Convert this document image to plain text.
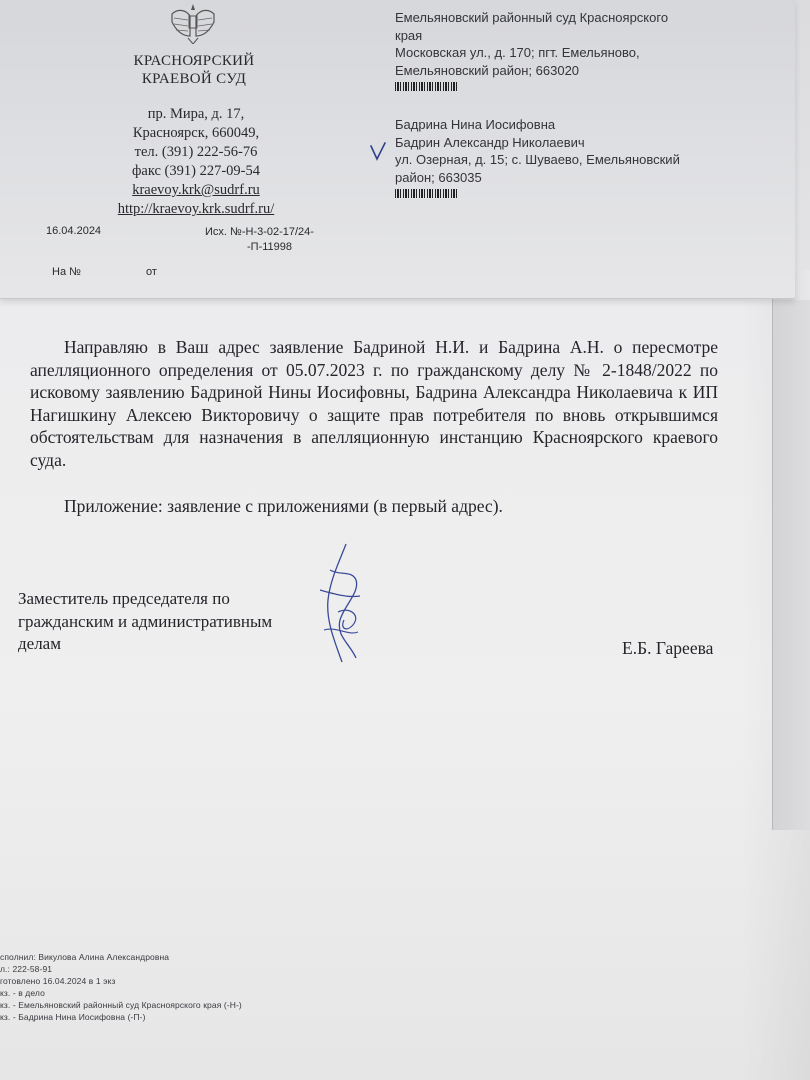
КРАСНОЯРСКИЙ
КРАЕВОЙ СУД
пр. Мира, д. 17,
Красноярск, 660049,
тел. (391) 222-56-76
факс (391) 227-09-54
kraevoy.krk@sudrf.ru
http://kraevoy.krk.sudrf.ru/
16.04.2024	Исх. №-Н-3-02-17/24-
-П-11998
На №	от
Емельяновский районный суд Красноярского
края
Московская ул., д. 170; пгт. Емельяново,
Емельяновский район; 663020
Бадрина Нина Иосифовна
Бадрин Александр Николаевич
ул. Озерная, д. 15; с. Шуваево, Емельяновский
район; 663035
Направляю в Ваш адрес заявление Бадриной Н.И. и Бадрина А.Н. о пересмотре апелляционного определения от 05.07.2023 г. по гражданскому делу № 2-1848/2022 по исковому заявлению Бадриной Нины Иосифовны, Бадрина Александра Николаевича к ИП Нагишкину Алексею Викторовичу о защите прав потребителя по вновь открывшимся обстоятельствам для назначения в апелляционную инстанцию Красноярского краевого суда.
Приложение: заявление с приложениями (в первый адрес).
Заместитель председателя по
гражданским и административным
делам	Е.Б. Гареева
сполнил: Викулова Алина Александровна
л.: 222-58-91
готовлено 16.04.2024 в 1 экз
кз. - в дело
кз. - Емельяновский районный суд Красноярского края (-Н-)
кз. - Бадрина Нина Иосифовна (-П-)
